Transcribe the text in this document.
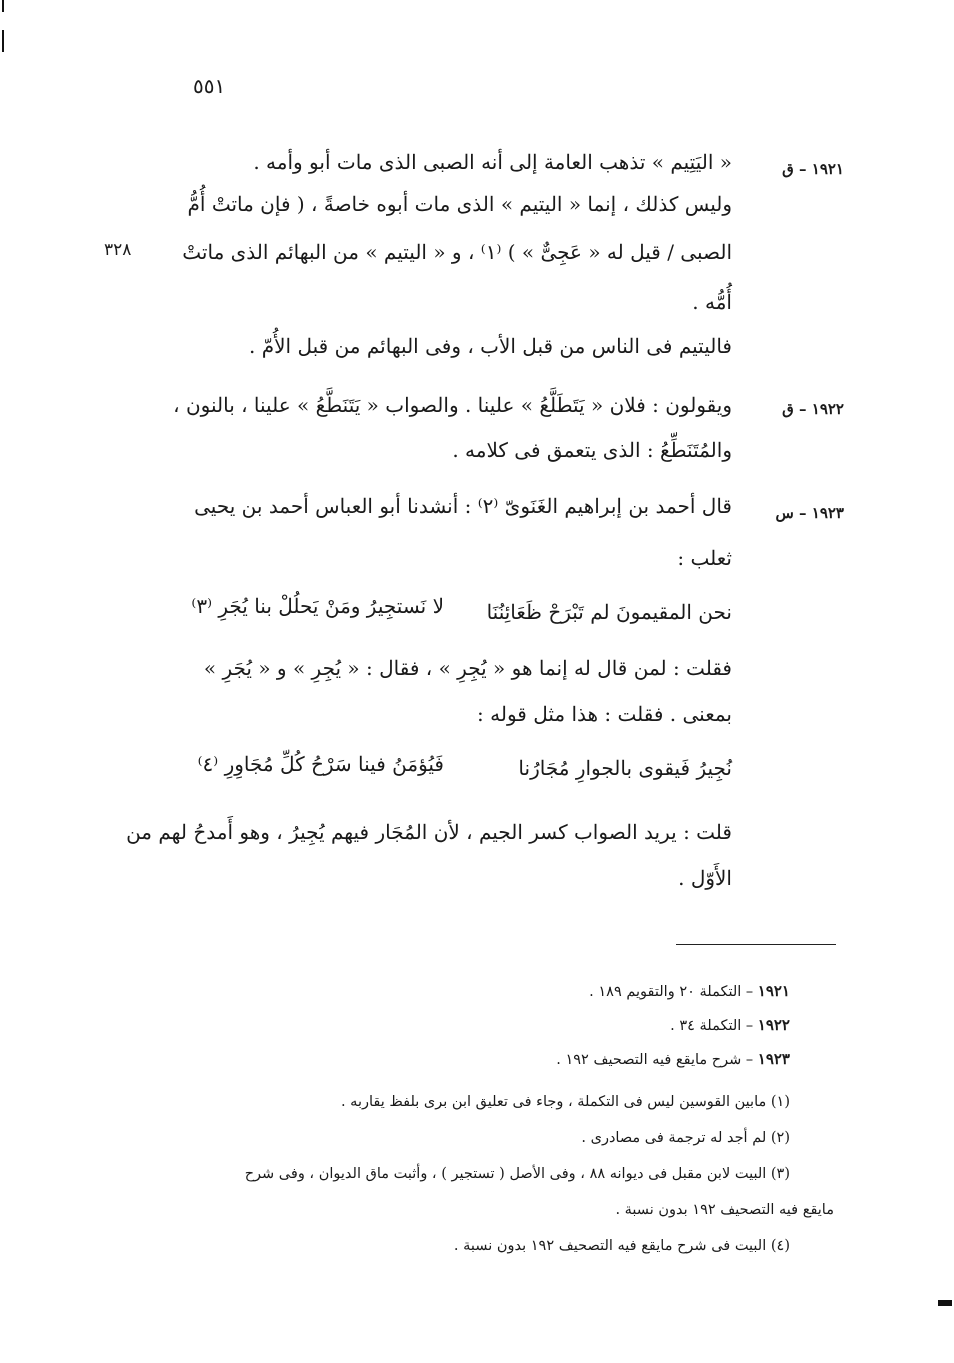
٥٥١
١٩٢١ – ق
« اليَتِيم » تذهب العامة إلى أنه الصبى الذى مات أبو وأمه .
وليس كذلك ، إنما « اليتيم » الذى مات أبوه خاصةً ، ( فإن ماتتْ أُمُّ
الصبى / قيل له « عَجِىٌّ » ) ⁽١⁾ ، و « اليتيم » من البهائم الذى ماتتْ
٣٢٨
أُمُّه .
فاليتيم فى الناس من قبل الأب ، وفى البهائم من قبل الأُمّ .
١٩٢٢ – ق
ويقولون : فلان « يَتَطَلَّعُ » علينا . والصواب « يَتَنَطَّعُ » علينا ، بالنون ،
والمُتَنَطِّعُ : الذى يتعمق فى كلامه .
١٩٢٣ – س
قال أحمد بن إبراهيم الغَنَوىّ ⁽٢⁾ : أنشدنا أبو العباس أحمد بن يحيى
ثعلب :
نحن المقيمونَ لم تَبْرَحْ ظَعَائِنُنَا
لا نَستجِيرُ ومَنْ يَحلُلْ بنا يُجَرِ ⁽٣⁾
فقلت : لمن قال له إنما هو « يُجِرِ » ، فقال : « يُجِرِ » و « يُجَرِ »
بمعنى . فقلت : هذا مثل قوله :
نُجِيرُ فَيقوى بالجوارِ مُجَارُنا
فَيُؤمَنُ فينا سَرْحُ كُلِّ مُجَاوِرِ ⁽٤⁾
قلت : يريد الصواب كسر الجيم ، لأن المُجَار فيهم يُجِيرُ ، وهو أَمدحُ لهم من
الأَوّل .
١٩٢١ – التكملة ٢٠ والتقويم ١٨٩ .
١٩٢٢ – التكملة ٣٤ .
١٩٢٣ – شرح مايقع فيه التصحيف ١٩٢ .
(١) مابين القوسين ليس فى التكملة ، وجاء فى تعليق ابن برى بلفظ يقاربه .
(٢) لم أجد له ترجمة فى مصادرى .
(٣) البيت لابن مقبل فى ديوانه ٨٨ ، وفى الأصل ( تستجير ) ، وأثبت ماق الديوان ، وفى شرح
مايقع فيه التصحيف ١٩٢ بدون نسبة .
(٤) البيت فى شرح مايقع فيه التصحيف ١٩٢ بدون نسبة .
